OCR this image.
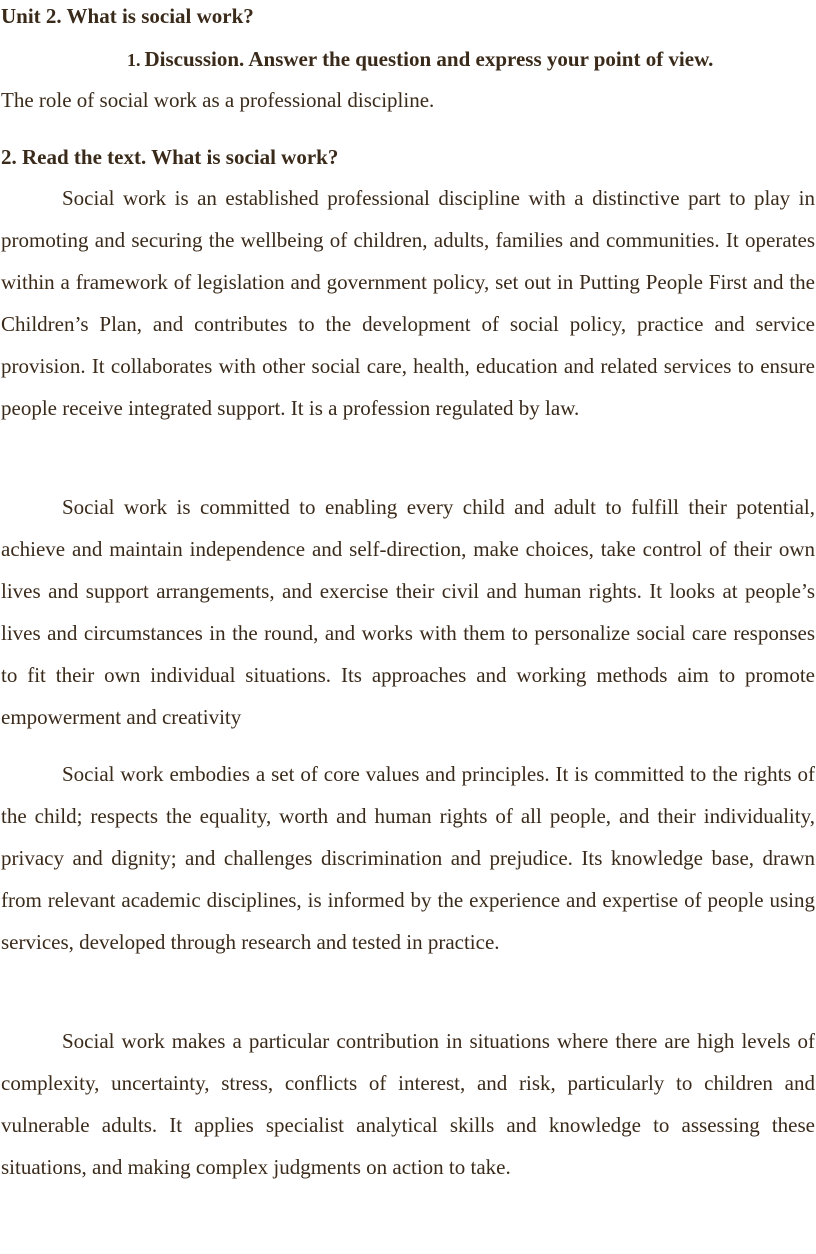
Unit 2. What is social work?
1. Discussion. Answer the question and express your point of view.
The role of social work as a professional discipline.
2. Read the text. What is social work?

Social work is an established professional discipline with a distinctive part to play in promoting and securing the wellbeing of children, adults, families and communities. It operates within a framework of legislation and government policy, set out in Putting People First and the Children’s Plan, and contributes to the development of social policy, practice and service provision. It collaborates with other social care, health, education and related services to ensure people receive integrated support. It is a profession regulated by law.

Social work is committed to enabling every child and adult to fulfill their potential, achieve and maintain independence and self-direction, make choices, take control of their own lives and support arrangements, and exercise their civil and human rights. It looks at people’s lives and circumstances in the round, and works with them to personalize social care responses to fit their own individual situations. Its approaches and working methods aim to promote empowerment and creativity

Social work embodies a set of core values and principles. It is committed to the rights of the child; respects the equality, worth and human rights of all people, and their individuality, privacy and dignity; and challenges discrimination and prejudice. Its knowledge base, drawn from relevant academic disciplines, is informed by the experience and expertise of people using services, developed through research and tested in practice.

Social work makes a particular contribution in situations where there are high levels of complexity, uncertainty, stress, conflicts of interest, and risk, particularly to children and vulnerable adults. It applies specialist analytical skills and knowledge to assessing these situations, and making complex judgments on action to take.
